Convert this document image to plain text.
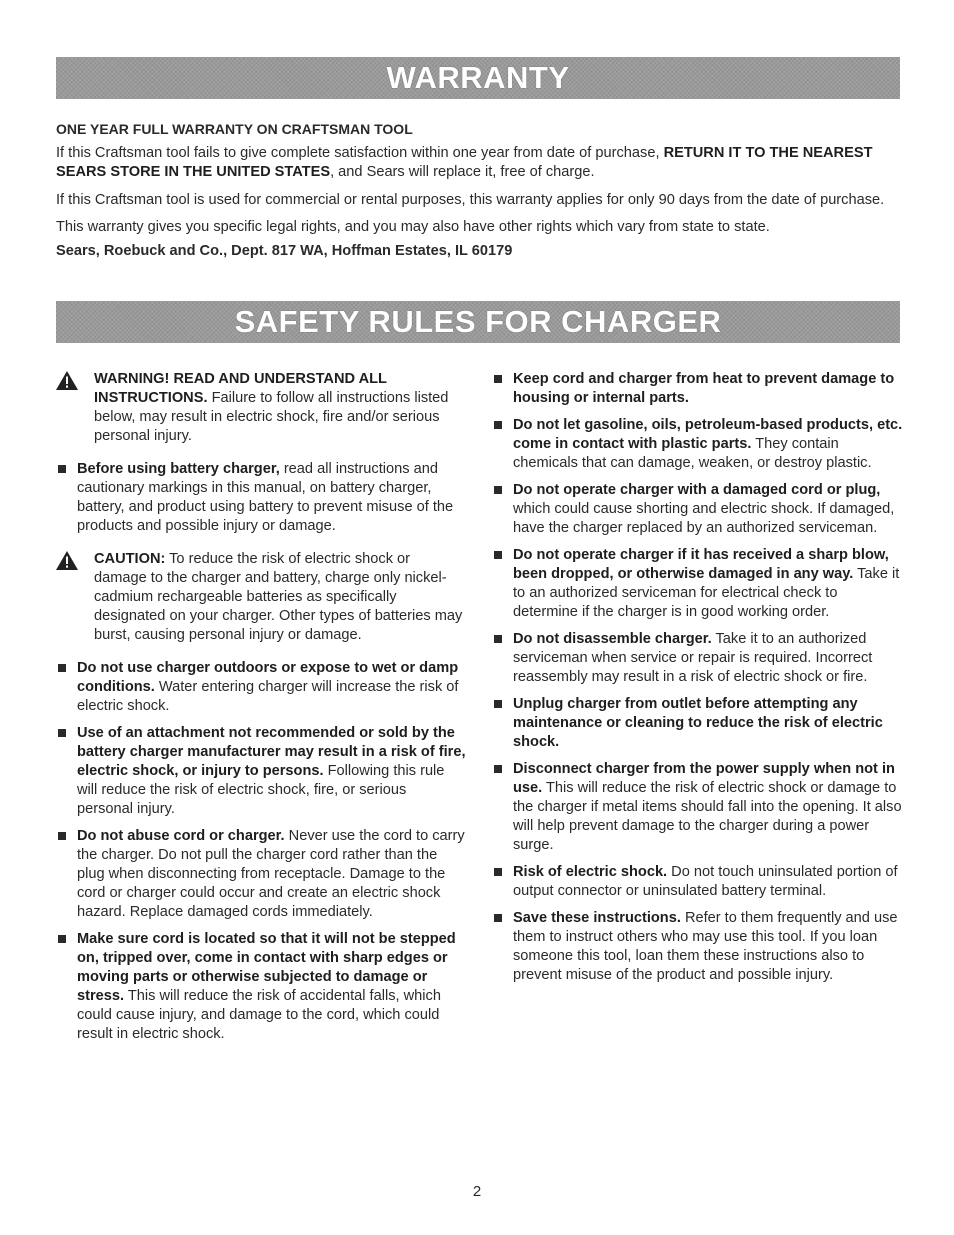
WARRANTY

ONE YEAR FULL WARRANTY ON CRAFTSMAN TOOL

If this Craftsman tool fails to give complete satisfaction within one year from date of purchase, RETURN IT TO THE NEAREST SEARS STORE IN THE UNITED STATES, and Sears will replace it, free of charge.

If this Craftsman tool is used for commercial or rental purposes, this warranty applies for only 90 days from the date of purchase.

This warranty gives you specific legal rights, and you may also have other rights which vary from state to state.

Sears, Roebuck and Co., Dept. 817 WA, Hoffman Estates, IL 60179

SAFETY RULES FOR CHARGER
WARNING! READ AND UNDERSTAND ALL INSTRUCTIONS. Failure to follow all instructions listed below, may result in electric shock, fire and/or serious personal injury.
Before using battery charger, read all instructions and cautionary markings in this manual, on battery charger, battery, and product using battery to prevent misuse of the products and possible injury or damage.
CAUTION: To reduce the risk of electric shock or damage to the charger and battery, charge only nickel-cadmium rechargeable batteries as specifically designated on your charger. Other types of batteries may burst, causing personal injury or damage.
Do not use charger outdoors or expose to wet or damp conditions. Water entering charger will increase the risk of electric shock.
Use of an attachment not recommended or sold by the battery charger manufacturer may result in a risk of fire, electric shock, or injury to persons. Following this rule will reduce the risk of electric shock, fire, or serious personal injury.
Do not abuse cord or charger. Never use the cord to carry the charger. Do not pull the charger cord rather than the plug when disconnecting from receptacle. Damage to the cord or charger could occur and create an electric shock hazard. Replace damaged cords immediately.
Make sure cord is located so that it will not be stepped on, tripped over, come in contact with sharp edges or moving parts or otherwise subjected to damage or stress. This will reduce the risk of accidental falls, which could cause injury, and damage to the cord, which could result in electric shock.
Keep cord and charger from heat to prevent damage to housing or internal parts.
Do not let gasoline, oils, petroleum-based products, etc. come in contact with plastic parts. They contain chemicals that can damage, weaken, or destroy plastic.
Do not operate charger with a damaged cord or plug, which could cause shorting and electric shock. If damaged, have the charger replaced by an authorized serviceman.
Do not operate charger if it has received a sharp blow, been dropped, or otherwise damaged in any way. Take it to an authorized serviceman for electrical check to determine if the charger is in good working order.
Do not disassemble charger. Take it to an authorized serviceman when service or repair is required. Incorrect reassembly may result in a risk of electric shock or fire.
Unplug charger from outlet before attempting any maintenance or cleaning to reduce the risk of electric shock.
Disconnect charger from the power supply when not in use. This will reduce the risk of electric shock or damage to the charger if metal items should fall into the opening. It also will help prevent damage to the charger during a power surge.
Risk of electric shock. Do not touch uninsulated portion of output connector or uninsulated battery terminal.
Save these instructions. Refer to them frequently and use them to instruct others who may use this tool. If you loan someone this tool, loan them these instructions also to prevent misuse of the product and possible injury.
2
